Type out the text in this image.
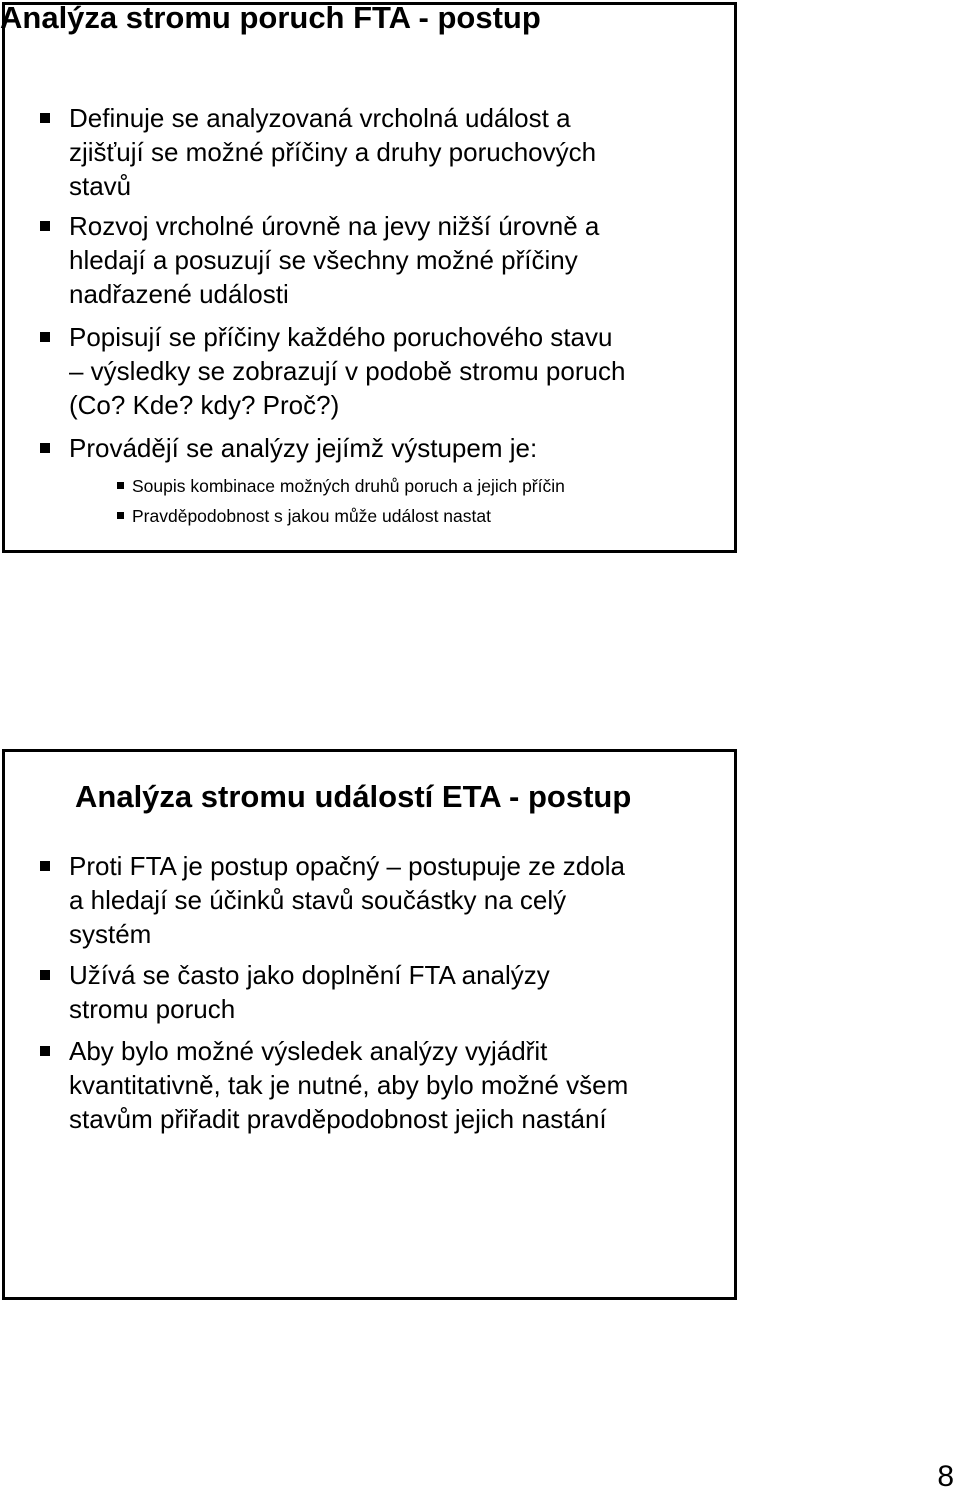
Analýza stromu poruch FTA - postup
Definuje se analyzovaná vrcholná událost a
zjišťují se možné příčiny a druhy poruchových
stavů
Rozvoj vrcholné úrovně na jevy nižší úrovně a
hledají a posuzují se všechny možné příčiny
nadřazené události
Popisují se příčiny každého poruchového stavu
– výsledky se zobrazují v podobě stromu poruch
(Co? Kde? kdy? Proč?)
Provádějí se analýzy jejímž výstupem je:
Soupis kombinace možných druhů poruch a jejich příčin
Pravděpodobnost s jakou může událost nastat
Analýza stromu událostí ETA - postup
Proti FTA je postup opačný – postupuje ze zdola
a hledají se účinků stavů součástky na celý
systém
Užívá se často jako doplnění FTA analýzy
stromu poruch
Aby bylo možné výsledek analýzy vyjádřit
kvantitativně, tak je nutné, aby bylo možné všem
stavům přiřadit pravděpodobnost jejich nastání
8
